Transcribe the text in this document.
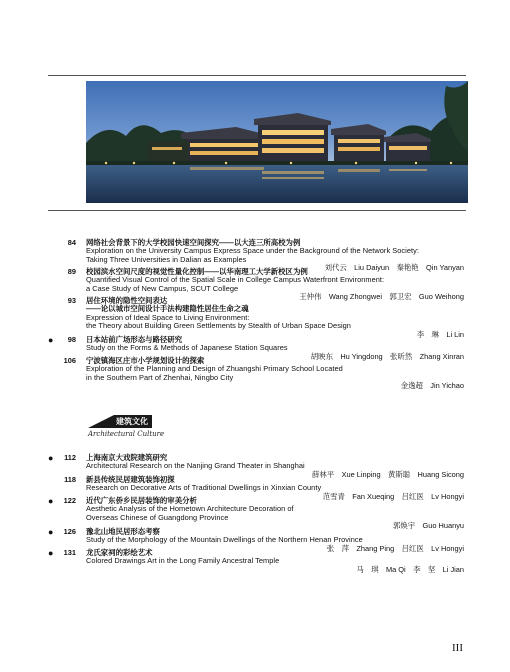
84 网络社会背景下的大学校园快速空间探究——以大连三所高校为例
Exploration on the University Campus Express Space under the Background of the Network Society:
Taking Three Universities in Dalian as Examples
刘代云　Liu Daiyun　秦艳艳　Qin Yanyan
89 校园滨水空间尺度的视觉性量化控制——以华南理工大学新校区为例
Quantified Visual Control of the Spatial Scale in College Campus Waterfront Environment:
a Case Study of New Campus, SCUT College
王仲伟　Wang Zhongwei　郭卫宏　Guo Weihong
93 居住环境的隐性空间表达
——论以城市空间设计手法构建隐性居住生命之魂
Expression of Ideal Space to Living Environment:
the Theory about Building Green Settlements by Stealth of Urban Space Design
李　琳　Li Lin
●	98 日本站前广场形态与路径研究
Study on the Forms & Methods of Japanese Station Squares
胡映东　Hu Yingdong　张昕然　Zhang Xinran
106 宁波镇海区庄市小学规划设计的探索
Exploration of the Planning and Design of Zhuangshi Primary School Located
in the Southern Part of Zhenhai, Ningbo City
金逸超　Jin Yichao
建筑文化
Architectural Culture
● 112 上海南京大戏院建筑研究
Architectural Research on the Nanjing Grand Theater in Shanghai
薛林平　Xue Linping　黄斯聪　Huang Sicong
118 新县传统民居建筑装饰初探
Research on Decorative Arts of Traditional Dwellings in Xinxian County
范雪青　Fan Xueqing　吕红医　Lv Hongyi
● 122 近代广东侨乡民居装饰的审美分析
Aesthetic Analysis of the Hometown Architecture Decoration of
Overseas Chinese of Guangdong Province
郭焕宇　Guo Huanyu
● 126 豫北山地民居形态考察
Study of the Morphology of the Mountain Dwellings of the Northern Henan Province
张　萍　Zhang Ping　吕红医　Lv Hongyi
● 131 龙氏家祠的彩绘艺术
Colored Drawings Art in the Long Family Ancestral Temple
马　琪　Ma Qi　李　坚　Li Jian
III
